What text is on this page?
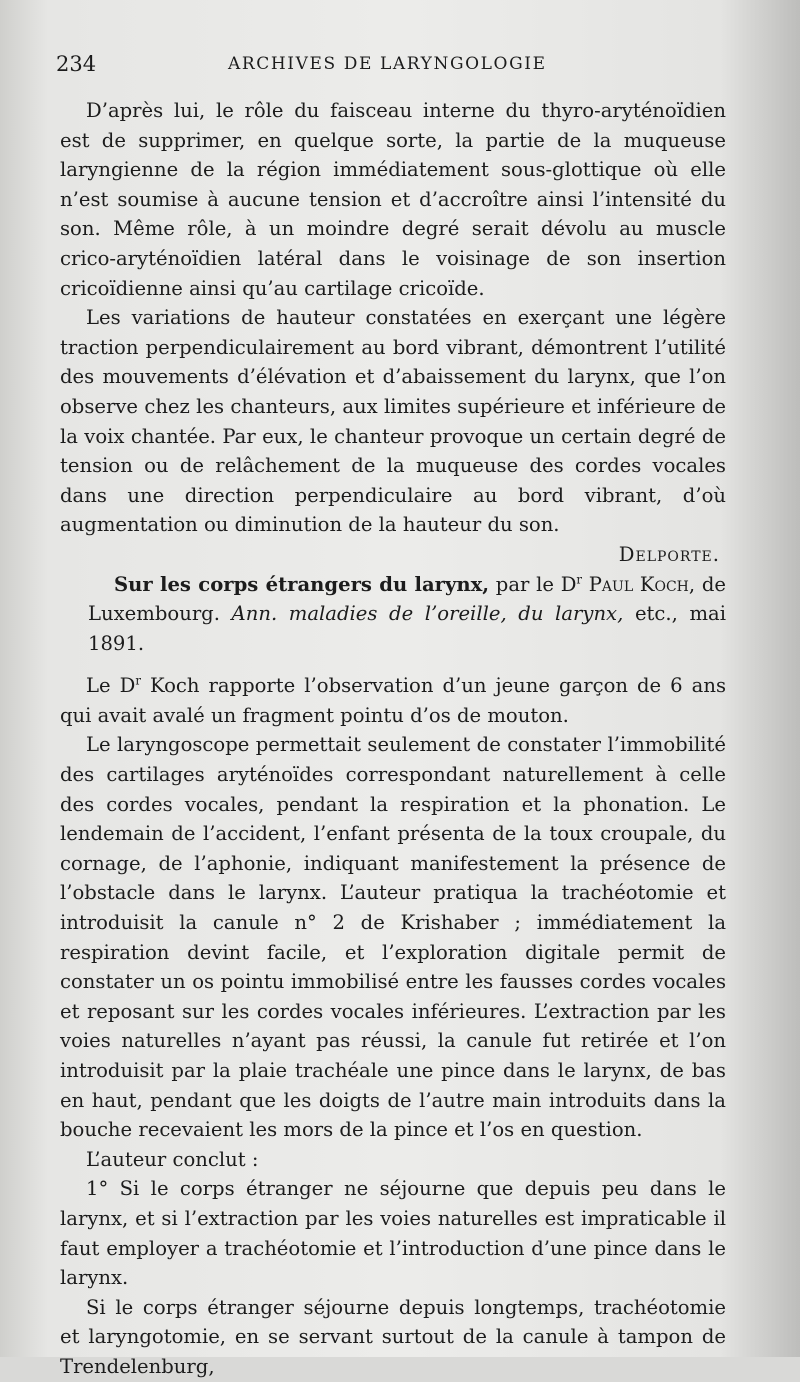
234	ARCHIVES DE LARYNGOLOGIE

D’après lui, le rôle du faisceau interne du thyro-aryténoïdien est de supprimer, en quelque sorte, la partie de la muqueuse laryngienne de la région immédiatement sous-glottique où elle n’est soumise à aucune tension et d’accroître ainsi l’intensité du son. Même rôle, à un moindre degré serait dévolu au muscle crico-aryténoïdien latéral dans le voisinage de son insertion cricoïdienne ainsi qu’au cartilage cricoïde.

Les variations de hauteur constatées en exerçant une légère traction perpendiculairement au bord vibrant, démontrent l’utilité des mouvements d’élévation et d’abaissement du larynx, que l’on observe chez les chanteurs, aux limites supérieure et inférieure de la voix chantée. Par eux, le chanteur provoque un certain degré de tension ou de relâchement de la muqueuse des cordes vocales dans une direction perpendiculaire au bord vibrant, d’où augmentation ou diminution de la hauteur du son.

Delporte.

Sur les corps étrangers du larynx, par le $D^r$ Paul Koch, de Luxembourg. Ann. maladies de l’oreille, du larynx, etc., mai 1891.

Le $D^r$ Koch rapporte l’observation d’un jeune garçon de 6 ans qui avait avalé un fragment pointu d’os de mouton.

Le laryngoscope permettait seulement de constater l’immobilité des cartilages aryténoïdes correspondant naturellement à celle des cordes vocales, pendant la respiration et la phonation. Le lendemain de l’accident, l’enfant présenta de la toux croupale, du cornage, de l’aphonie, indiquant manifestement la présence de l’obstacle dans le larynx. L’auteur pratiqua la trachéotomie et introduisit la canule n° 2 de Krishaber ; immédiatement la respiration devint facile, et l’exploration digitale permit de constater un os pointu immobilisé entre les fausses cordes vocales et reposant sur les cordes vocales inférieures. L’extraction par les voies naturelles n’ayant pas réussi, la canule fut retirée et l’on introduisit par la plaie trachéale une pince dans le larynx, de bas en haut, pendant que les doigts de l’autre main introduits dans la bouche recevaient les mors de la pince et l’os en question.

L’auteur conclut :

1° Si le corps étranger ne séjourne que depuis peu dans le larynx, et si l’extraction par les voies naturelles est impraticable il faut employer a trachéotomie et l’introduction d’une pince dans le larynx.

Si le corps étranger séjourne depuis longtemps, trachéotomie et laryngotomie, en se servant surtout de la canule à tampon de Trendelenburg,
